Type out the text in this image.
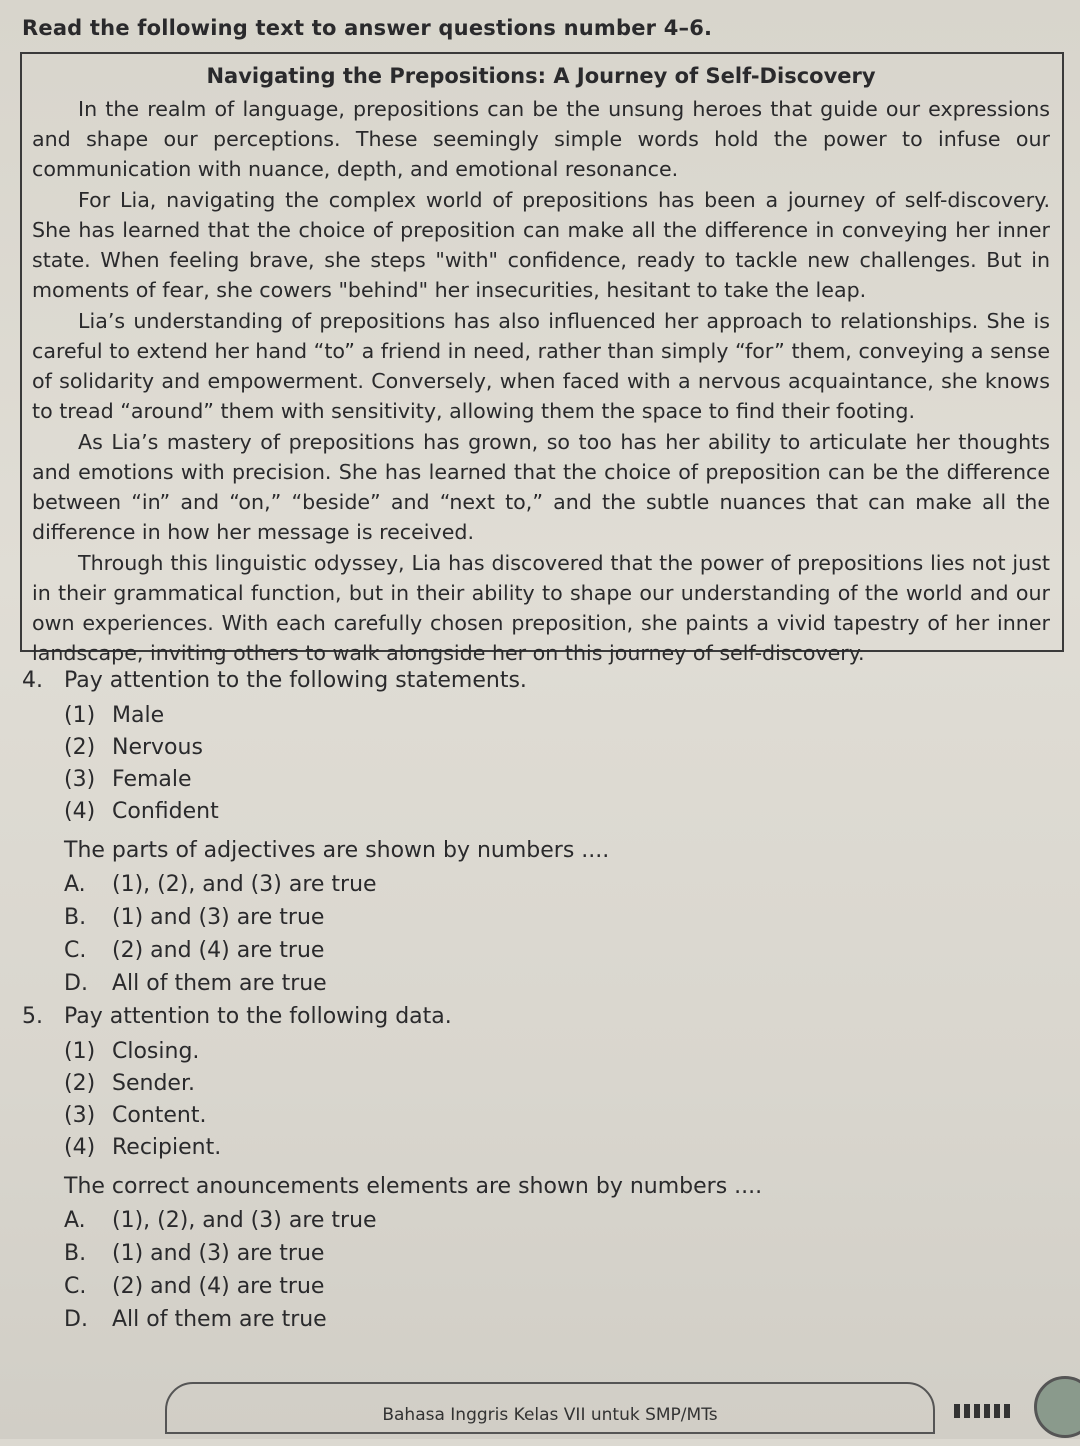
Read the following text to answer questions number 4–6.
Navigating the Prepositions: A Journey of Self-Discovery

In the realm of language, prepositions can be the unsung heroes that guide our expressions and shape our perceptions. These seemingly simple words hold the power to infuse our communication with nuance, depth, and emotional resonance.

For Lia, navigating the complex world of prepositions has been a journey of self-discovery. She has learned that the choice of preposition can make all the difference in conveying her inner state. When feeling brave, she steps "with" confidence, ready to tackle new challenges. But in moments of fear, she cowers "behind" her insecurities, hesitant to take the leap.

Lia’s understanding of prepositions has also influenced her approach to relationships. She is careful to extend her hand “to” a friend in need, rather than simply “for” them, conveying a sense of solidarity and empowerment. Conversely, when faced with a nervous acquaintance, she knows to tread “around” them with sensitivity, allowing them the space to find their footing.

As Lia’s mastery of prepositions has grown, so too has her ability to articulate her thoughts and emotions with precision. She has learned that the choice of preposition can be the difference between “in” and “on,” “beside” and “next to,” and the subtle nuances that can make all the difference in how her message is received.

Through this linguistic odyssey, Lia has discovered that the power of prepositions lies not just in their grammatical function, but in their ability to shape our understanding of the world and our own experiences. With each carefully chosen preposition, she paints a vivid tapestry of her inner landscape, inviting others to walk alongside her on this journey of self-discovery.

4. Pay attention to the following statements.
(1) Male
(2) Nervous
(3) Female
(4) Confident
The parts of adjectives are shown by numbers ....
A. (1), (2), and (3) are true
B. (1) and (3) are true
C. (2) and (4) are true
D. All of them are true
5. Pay attention to the following data.
(1) Closing.
(2) Sender.
(3) Content.
(4) Recipient.
The correct anouncements elements are shown by numbers ....
A. (1), (2), and (3) are true
B. (1) and (3) are true
C. (2) and (4) are true
D. All of them are true
Bahasa Inggris Kelas VII untuk SMP/MTs
